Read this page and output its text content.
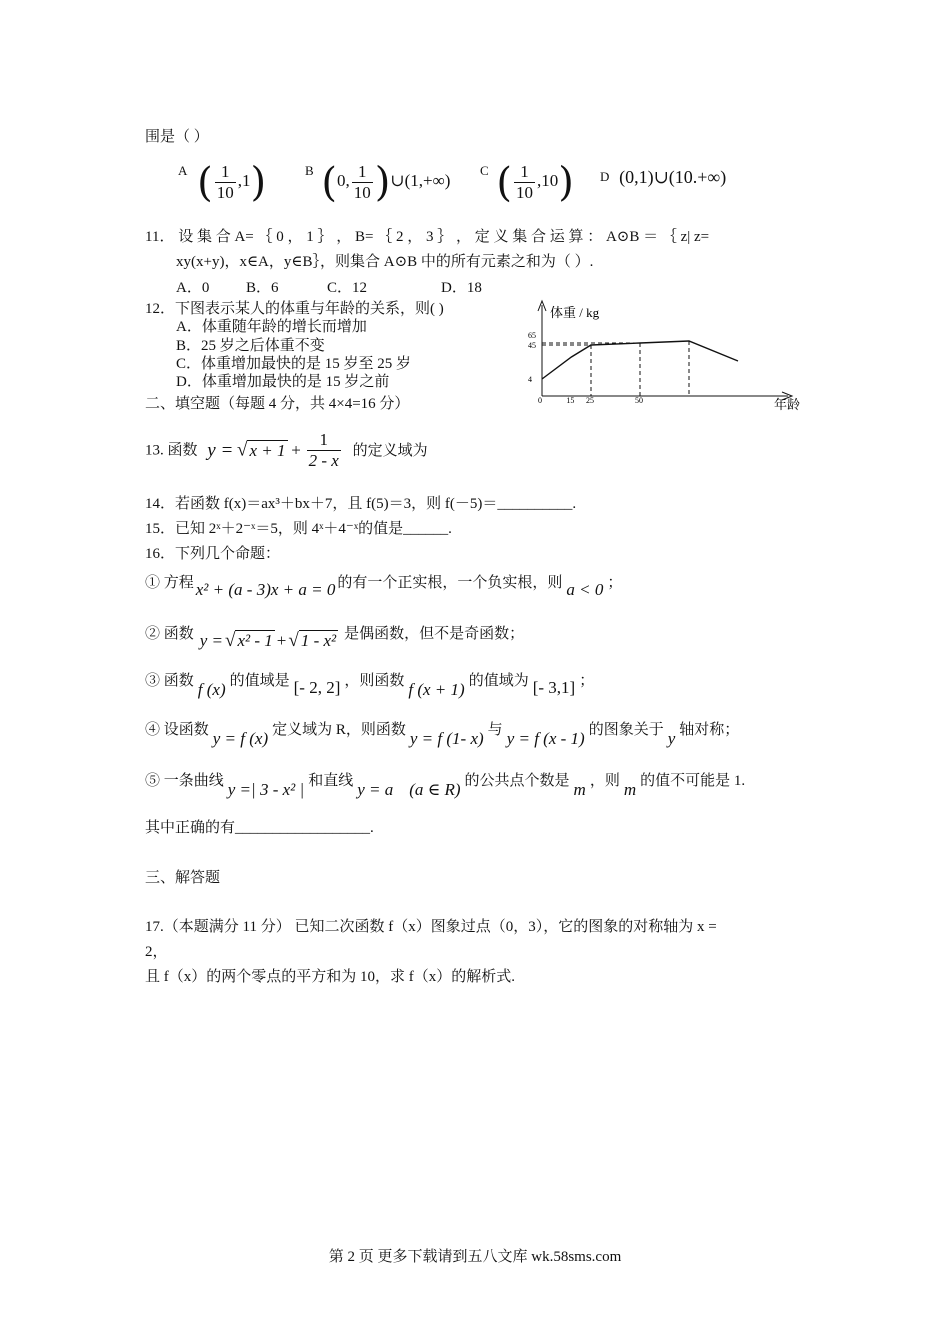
围是（ ）
A ( $\frac{1}{10} ,1$)	B (0, $\frac{1}{10}$ )∪(1,+∞)
C ( $\frac{1}{10} ,10$) D (0,1)∪(10.+∞)
11． 设 集 合 A= ｛ 0 ， 1 ｝ ， B= ｛ 2 ， 3 ｝ ， 定 义 集 合 运 算 ： A⊙B ＝ ｛ z| z=
xy(x+y)，x∈A，y∈B｝，则集合 A⊙B 中的所有元素之和为（ ）.
A．0 B．6	C．12	D．18
12．下图表示某人的体重与年龄的关系，则( )
A．体重随年龄的增长而增加
B．25 岁之后体重不变
C．体重增加最快的是 15 岁至 25 岁
D．体重增加最快的是 15 岁之前
体重 / kg
年龄
0	15 25	50
4
45
65
二、填空题（每题 4 分，共 4×4=16 分）
13. 函数 y = √ $x + 1 + \frac{1}{2 - x}$ 的定义域为
14．若函数 f(x)＝ax³＋bx＋7，且 f(5)＝3，则 f(－5)＝__________.
15．已知 2ˣ＋2⁻ˣ＝5，则 4ˣ＋4⁻ˣ的值是______.
16．下列几个命题：
① 方程 x² + (a - 3)x + a = 0 的有一个正实根，一个负实根，则 a < 0 ；
② 函数 y = √ x² - 1 + √ 1 - x² 是偶函数，但不是奇函数；
③ 函数 f (x) 的值域是 [- 2, 2] ，则函数 f (x + 1) 的值域为 [- 3,1] ；
④ 设函数 y = f (x) 定义域为 R，则函数 y = f (1- x) 与 y = f (x - 1) 的图象关于 y 轴对称；
⑤ 一条曲线 y =| 3 - x² | 和直线 y = a (a ∈ R) 的公共点个数是 m ，则 m 的值不可能是 1.
其中正确的有__________________.
三、解答题
17.（本题满分 11 分） 已知二次函数 f（x）图象过点（0，3），它的图象的对称轴为 x =
2，
且 f（x）的两个零点的平方和为 10，求 f（x）的解析式.
第 2 页 更多下载请到五八文库 wk.58sms.com
